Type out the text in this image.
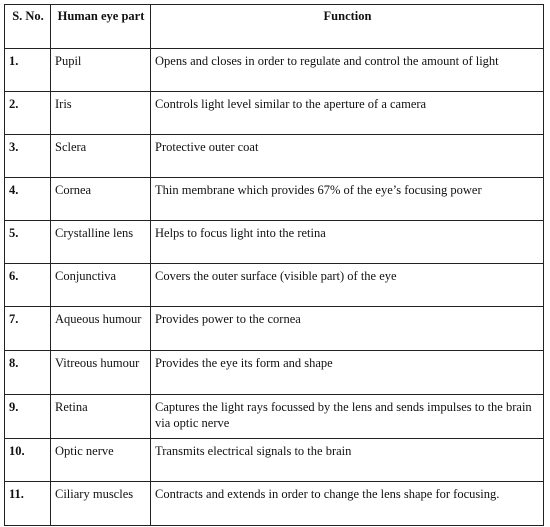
S. No.	Human eye part	Function
1.	Pupil	Opens and closes in order to regulate and control the amount of light
2.	Iris	Controls light level similar to the aperture of a camera
3.	Sclera	Protective outer coat
4.	Cornea	Thin membrane which provides 67% of the eye’s focusing power
5.	Crystalline lens	Helps to focus light into the retina
6.	Conjunctiva	Covers the outer surface (visible part) of the eye
7.	Aqueous humour	Provides power to the cornea
8.	Vitreous humour	Provides the eye its form and shape
9.	Retina	Captures the light rays focussed by the lens and sends impulses to the brain via optic nerve
10.	Optic nerve	Transmits electrical signals to the brain
11.	Ciliary muscles	Contracts and extends in order to change the lens shape for focusing.
